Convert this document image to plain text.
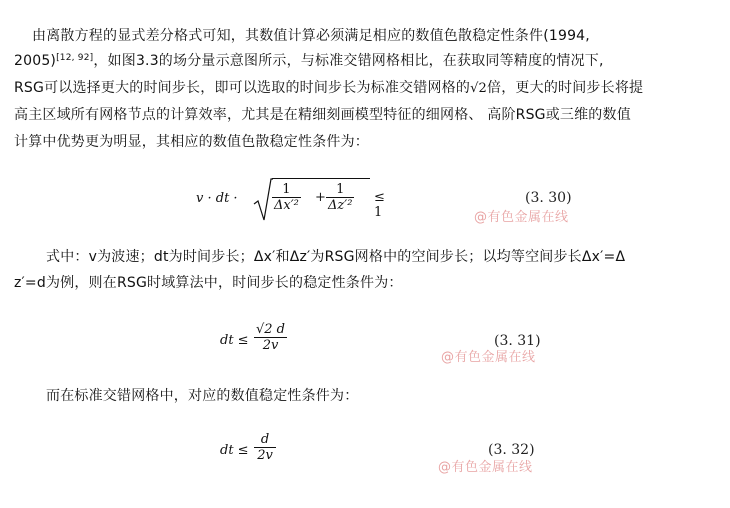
由离散方程的显式差分格式可知，其数值计算必须满足相应的数值色散稳定性条件(1994,
2005)[12, 92]，如图3.3的场分量示意图所示，与标准交错网格相比，在获取同等精度的情况下,
RSG可以选择更大的时间步长，即可以选取的时间步长为标准交错网格的√2倍，更大的时间步长将提
高主区域所有网格节点的计算效率，尤其是在精细刻画模型特征的细网格、 高阶RSG或三维的数值
计算中优势更为明显，其相应的数值色散稳定性条件为：
v · dt ·	$\frac{1}{\text{Δx′²}} + \frac{1}{\text{Δz′²}} \le 1$
(3. 30)
@有色金属在线
式中：v为波速；dt为时间步长；Δx′和Δz′为RSG网格中的空间步长；以均等空间步长Δx′=Δ
z′=d为例，则在RSG时域算法中，时间步长的稳定性条件为：
dt ≤ $\frac{√2 d}{2v}$	(3. 31)
@有色金属在线
而在标准交错网格中，对应的数值稳定性条件为：
dt ≤ $\frac{d}{2v}$	(3. 32)
@有色金属在线
